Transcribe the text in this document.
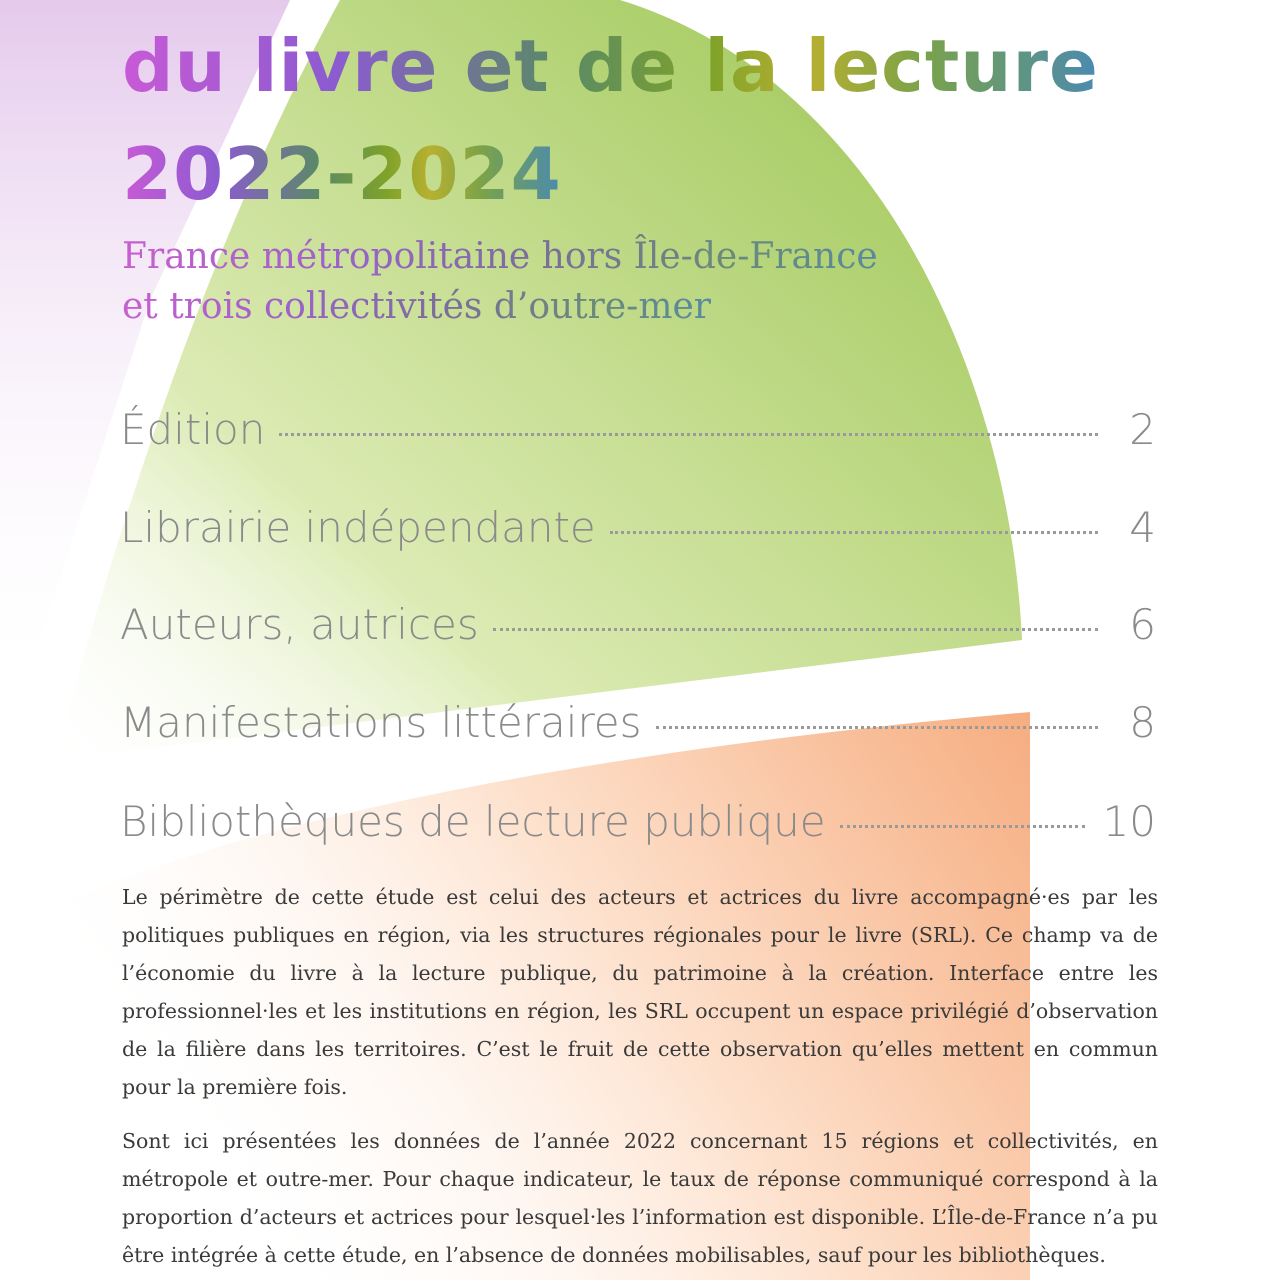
du livre et de la lecture
2022-2024
France métropolitaine hors Île-de-France
et trois collectivités d’outre-mer
Édition	2
Librairie indépendante	4
Auteurs, autrices	6
Manifestations littéraires	8
Bibliothèques de lecture publique	10

Le périmètre de cette étude est celui des acteurs et actrices du livre accompagné·es par les politiques publiques en région, via les structures régionales pour le livre (SRL). Ce champ va de l’économie du livre à la lecture publique, du patrimoine à la création. Interface entre les professionnel·les et les institutions en région, les SRL occupent un espace privilégié d’observation de la filière dans les territoires. C’est le fruit de cette observation qu’elles mettent en commun pour la première fois.

Sont ici présentées les données de l’année 2022 concernant 15 régions et collectivités, en métropole et outre-mer. Pour chaque indicateur, le taux de réponse communiqué correspond à la proportion d’acteurs et actrices pour lesquel·les l’information est disponible. L’Île-de-France n’a pu être intégrée à cette étude, en l’absence de données mobilisables, sauf pour les bibliothèques.
